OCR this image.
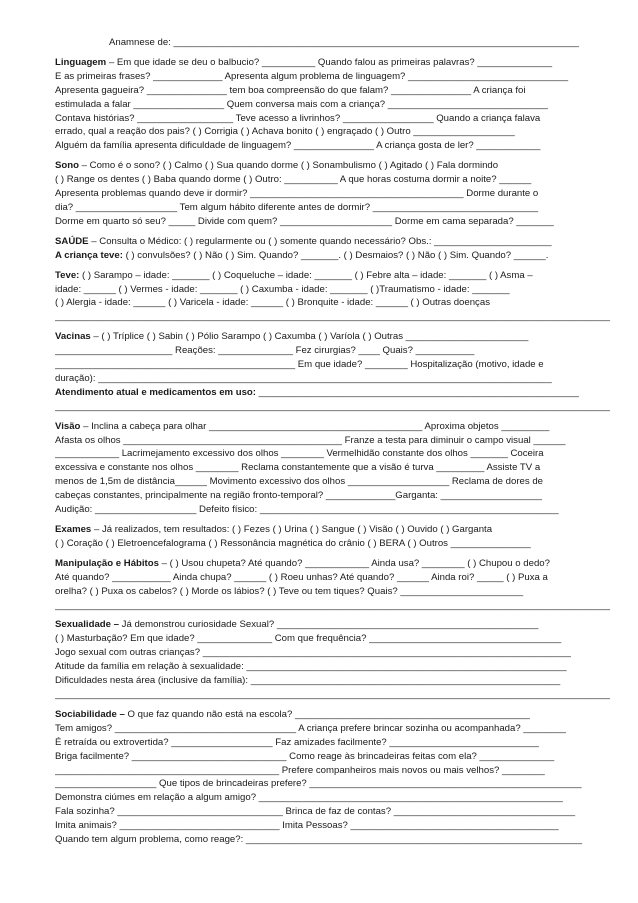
Anamnese de: ____________________________________________________________________________

Linguagem – Em que idade se deu o balbucio? __________ Quando falou as primeiras palavras? ______________

E as primeiras frases? _____________ Apresenta algum problema de linguagem? ______________________________

Apresenta gagueira? _______________ tem boa compreensão do que falam? _______________ A criança foi

estimulada a falar _________________ Quem conversa mais com a criança? ______________________________

Contava histórias? __________________ Teve acesso a livrinhos? _________________ Quando a criança falava

errado, qual a reação dos pais? ( ) Corrigia ( ) Achava bonito ( ) engraçado ( ) Outro ___________________

Alguém da família apresenta dificuldade de linguagem? _______________ A criança gosta de ler? ____________

Sono – Como é o sono? ( ) Calmo ( ) Sua quando dorme ( ) Sonambulismo ( ) Agitado ( ) Fala dormindo

( ) Range os dentes ( ) Baba quando dorme ( ) Outro: __________ A que horas costuma dormir a noite? ______

Apresenta problemas quando deve ir dormir? ________________________________________ Dorme durante o

dia? ___________________ Tem algum hábito diferente antes de dormir? _______________________________

Dorme em quarto só seu? _____ Divide com quem? _____________________ Dorme em cama separada? _______

SAÚDE – Consulta o Médico: ( ) regularmente ou ( ) somente quando necessário? Obs.: ______________________

A criança teve: ( ) convulsões? ( ) Não ( ) Sim. Quando? _______. ( ) Desmaios? ( ) Não ( ) Sim. Quando? ______.

Teve: ( ) Sarampo – idade: _______ ( ) Coqueluche – idade: _______ ( ) Febre alta – idade: _______ ( ) Asma –

idade: ______ ( ) Vermes - idade: _______ ( ) Caxumba - idade: _______ ( )Traumatismo - idade: _______

( ) Alergia - idade: ______ ( ) Varicela - idade: ______ ( ) Bronquite - idade: ______ ( ) Outras doenças

________________________________________________________________________________________________________

Vacinas – ( ) Tríplice ( ) Sabin ( ) Pólio Sarampo ( ) Caxumba ( ) Varíola ( ) Outras _______________________

______________________ Reações: ______________ Fez cirurgias? ____ Quais? ___________

_____________________________________________ Em que idade? ________ Hospitalização (motivo, idade e

duração): _____________________________________________________________________________________

Atendimento atual e medicamentos em uso: ____________________________________________________________

________________________________________________________________________________________________________

Visão – Inclina a cabeça para olhar ________________________________________ Aproxima objetos _________

Afasta os olhos _________________________________________ Franze a testa para diminuir o campo visual ______

____________ Lacrimejamento excessivo dos olhos ________ Vermelhidão constante dos olhos _______ Coceira

excessiva e constante nos olhos ________ Reclama constantemente que a visão é turva _________ Assiste TV a

menos de 1,5m de distância______ Movimento excessivo dos olhos ___________________ Reclama de dores de

cabeças constantes, principalmente na região fronto-temporal? _____________Garganta: ___________________

Audição: ___________________ Defeito físico: ________________________________________________________

Exames – Já realizados, tem resultados: ( ) Fezes ( ) Urina ( ) Sangue ( ) Visão ( ) Ouvido ( ) Garganta

( ) Coração ( ) Eletroencefalograma ( ) Ressonância magnética do crânio ( ) BERA ( ) Outros _______________

Manipulação e Hábitos – ( ) Usou chupeta? Até quando? ____________ Ainda usa? ________ ( ) Chupou o dedo?

Até quando? ___________ Ainda chupa? ______ ( ) Roeu unhas? Até quando? ______ Ainda roi? _____ ( ) Puxa a

orelha? ( ) Puxa os cabelos? ( ) Morde os lábios? ( ) Teve ou tem tiques? Quais? _______________________

________________________________________________________________________________________________________

Sexualidade – Já demonstrou curiosidade Sexual? _________________________________________________

( ) Masturbação? Em que idade? ______________ Com que frequência? ____________________________________

Jogo sexual com outras crianças? _____________________________________________________________________

Atitude da família em relação à sexualidade: ____________________________________________________________

Dificuldades nesta área (inclusive da família): __________________________________________________________

________________________________________________________________________________________________________

Sociabilidade – O que faz quando não está na escola? ____________________________________________

Tem amigos? __________________________________ A criança prefere brincar sozinha ou acompanhada? ________

É retraída ou extrovertida? ___________________ Faz amizades facilmente? ____________________________

Briga facilmente? _____________________________ Como reage às brincadeiras feitas com ela? ______________

__________________________________________ Prefere companheiros mais novos ou mais velhos? ________

___________________ Que tipos de brincadeiras prefere? ___________________________________________________

Demonstra ciúmes em relação a algum amigo? _________________________________________________________

Fala sozinha? _______________________________ Brinca de faz de contas? __________________________________

Imita animais? ______________________________ Imita Pessoas? _______________________________________

Quando tem algum problema, como reage?: _______________________________________________________________
